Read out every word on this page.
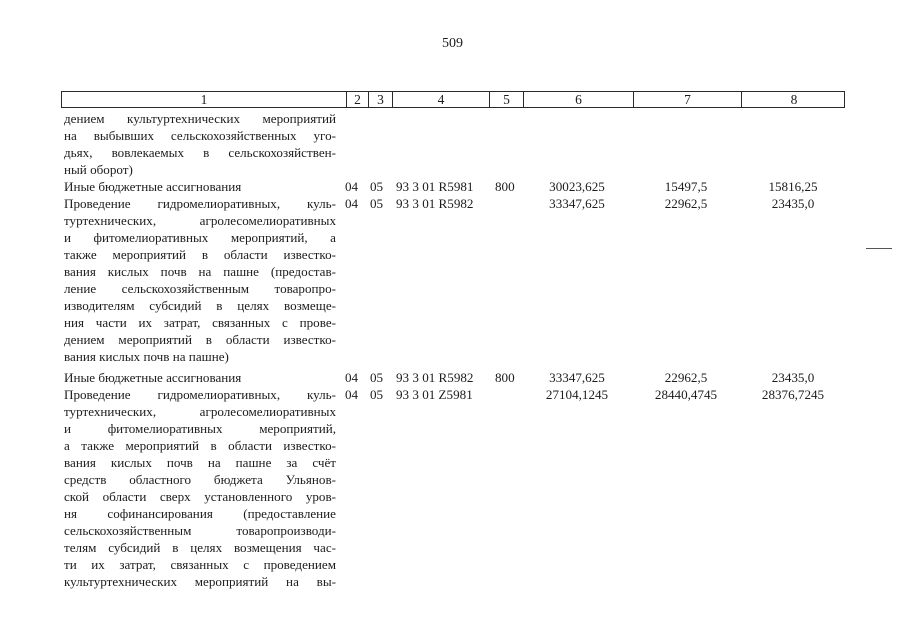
509
1	2	3	4	5	6	7	8
дением культуртехнических мероприятий
на выбывших сельскохозяйственных уго-
дьях, вовлекаемых в сельскохозяйствен-
ный оборот)
Иные бюджетные ассигнования	04 05 93 3 01 R5981 800	30023,625	15497,5	15816,25
Проведение гидромелиоративных, куль-
туртехнических, агролесомелиоративных
и фитомелиоративных мероприятий, а
также мероприятий в области известко-
вания кислых почв на пашне (предостав-
ление сельскохозяйственным товаропро-
изводителям субсидий в целях возмеще-
ния части их затрат, связанных с прове-
дением мероприятий в области известко-
вания кислых почв на пашне)
04 05 93 3 01 R5982	33347,625	22962,5	23435,0
Иные бюджетные ассигнования	04 05 93 3 01 R5982 800	33347,625	22962,5	23435,0
Проведение гидромелиоративных, куль-
туртехнических, агролесомелиоративных
и фитомелиоративных мероприятий,
а также мероприятий в области известко-
вания кислых почв на пашне за счёт
средств областного бюджета Ульянов-
ской области сверх установленного уров-
ня софинансирования (предоставление
сельскохозяйственным товаропроизводи-
телям субсидий в целях возмещения час-
ти их затрат, связанных с проведением
культуртехнических мероприятий на вы-
04 05 93 3 01 Z5981	27104,1245	28440,4745	28376,7245
